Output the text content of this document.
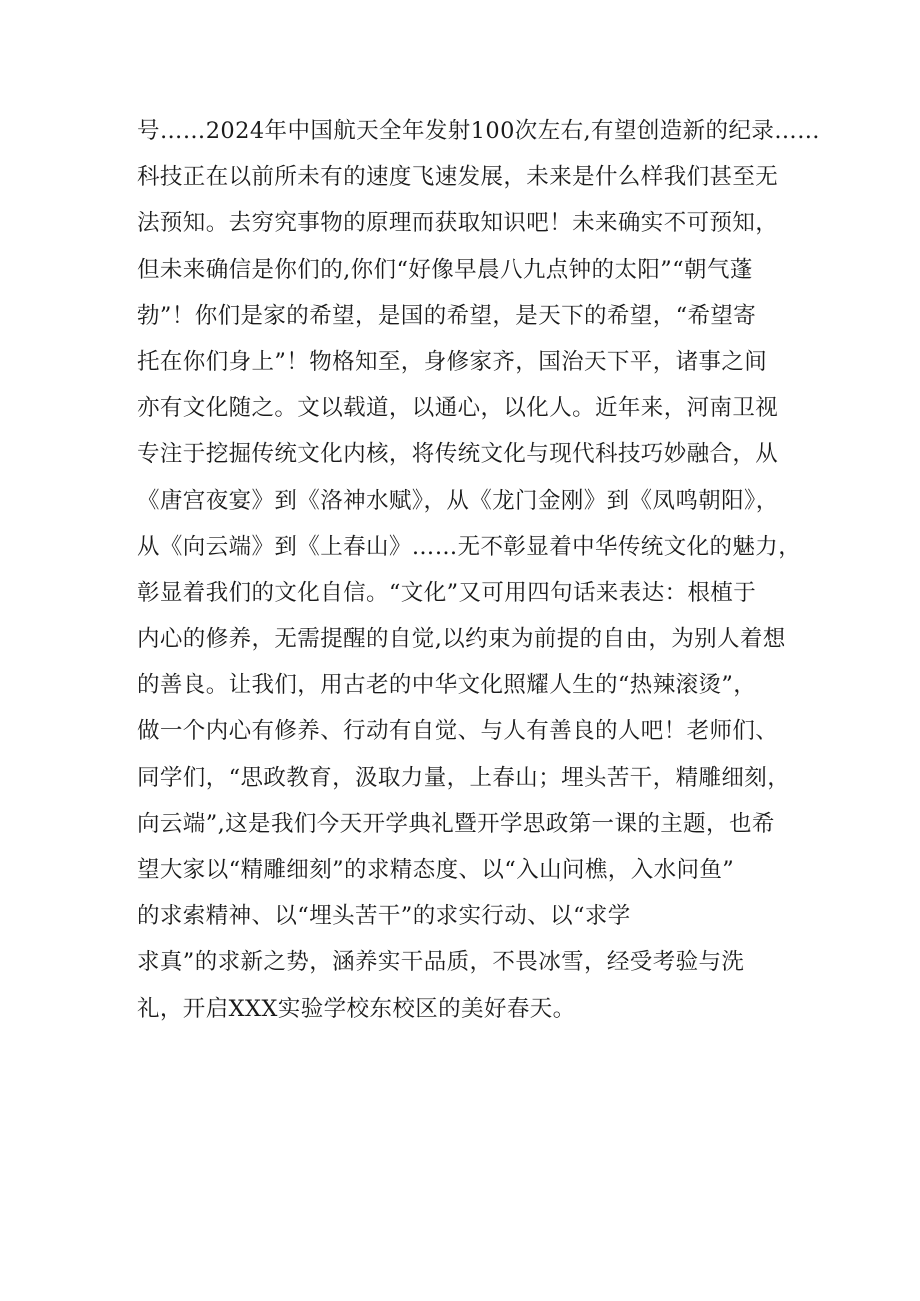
号……2024年中国航天全年发射100次左右,有望创造新的纪录……
科技正在以前所未有的速度飞速发展，未来是什么样我们甚至无
法预知。去穷究事物的原理而获取知识吧！未来确实不可预知，
但未来确信是你们的,你们“好像早晨八九点钟的太阳”“朝气蓬
勃”！你们是家的希望，是国的希望，是天下的希望，“希望寄
托在你们身上”！物格知至，身修家齐，国治天下平，诸事之间
亦有文化随之。文以载道，以通心，以化人。近年来，河南卫视
专注于挖掘传统文化内核，将传统文化与现代科技巧妙融合，从
《唐宫夜宴》到《洛神水赋》，从《龙门金刚》到《凤鸣朝阳》，
从《向云端》到《上春山》……无不彰显着中华传统文化的魅力，
彰显着我们的文化自信。“文化”又可用四句话来表达：根植于
内心的修养，无需提醒的自觉,以约束为前提的自由，为别人着想
的善良。让我们，用古老的中华文化照耀人生的“热辣滚烫”，
做一个内心有修养、行动有自觉、与人有善良的人吧！老师们、
同学们，“思政教育，汲取力量，上春山；埋头苦干，精雕细刻，
向云端”,这是我们今天开学典礼暨开学思政第一课的主题，也希
望大家以“精雕细刻”的求精态度、以“入山问樵，入水问鱼”
的求索精神、以“埋头苦干”的求实行动、以“求学
求真”的求新之势，涵养实干品质，不畏冰雪，经受考验与洗
礼，开启XXX实验学校东校区的美好春天。
